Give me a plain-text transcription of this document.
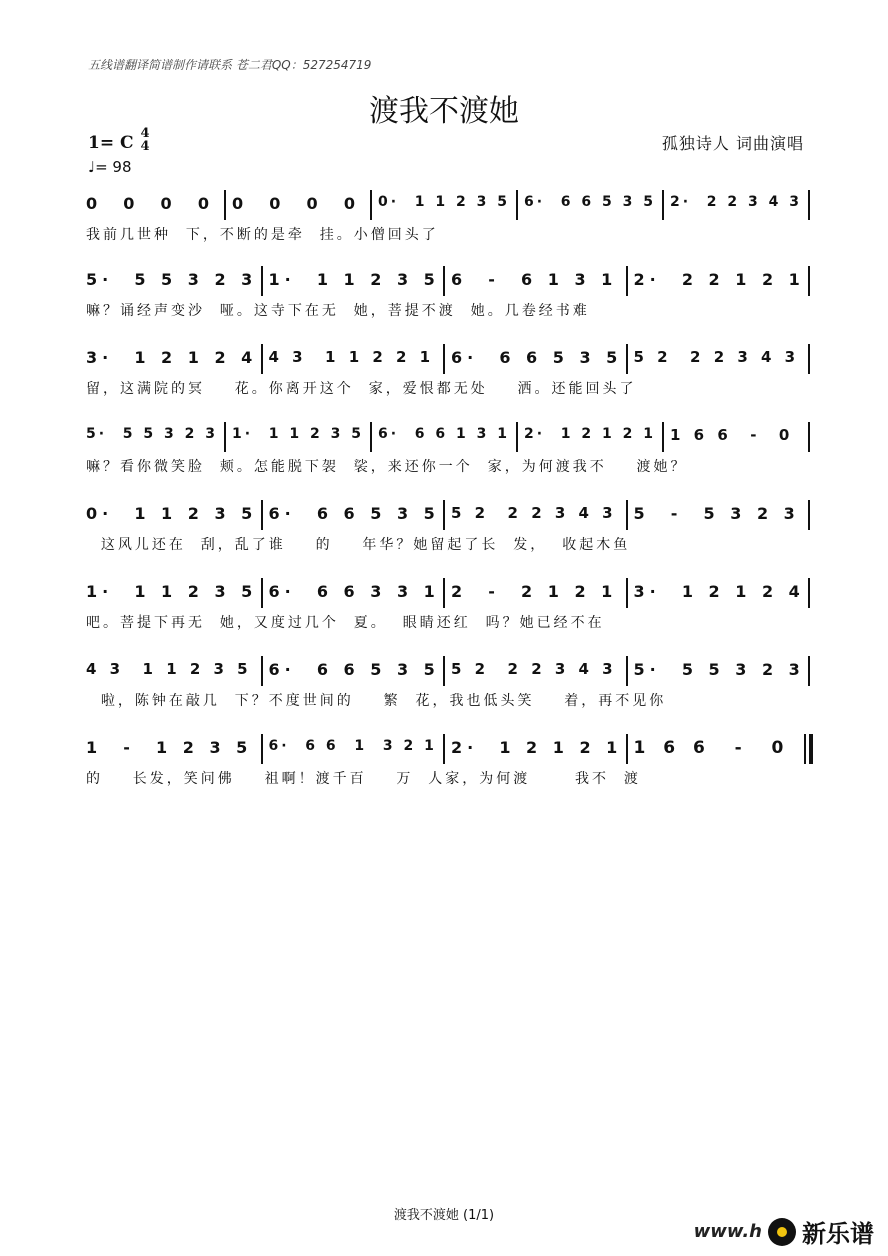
五线谱翻译简谱制作请联系 苍二君QQ：527254719
渡我不渡她
1= C 4
4
♩= 98
孤独诗人 词曲演唱
0  0  0  0 0  0  0  0 0·  1 1 2 3 5 6·  6 6 5 3 5 2·  2 2 3 4 3
我前几世种  下，不断的是牵  挂。小僧回头了
5·  5 5 3 2 3 1·  1 1 2 3 5 6  -  6 1 3 1 2·  2 2 1 2 1
嘛？诵经声变沙  哑。这寺下在无  她，菩提不渡  她。几卷经书难
3·  1 2 1 2 4 4 3  1 1 2 2 1 6·  6 6 5 3 5 5 2  2 2 3 4 3
留，这满院的冥    花。你离开这个  家，爱恨都无处    洒。还能回头了
5·  5 5 3 2 3 1·  1 1 2 3 5 6·  6 6 1 3 1 2·  1 2 1 2 1 1 6 6  -  0
嘛？看你微笑脸  颊。怎能脱下袈  裟，来还你一个  家，为何渡我不    渡她？
0·  1 1 2 3 5 6·  6 6 5 3 5 5 2  2 2 3 4 3 5  -  5 3 2 3
这风儿还在  刮，乱了谁    的    年华？她留起了长  发，  收起木鱼
1·  1 1 2 3 5 6·  6 6 3 3 1 2  -  2 1 2 1 3·  1 2 1 2 4
吧。菩提下再无  她，又度过几个  夏。  眼睛还红  吗？她已经不在
4 3  1 1 2 3 5 6·  6 6 5 3 5 5 2  2 2 3 4 3 5·  5 5 3 2 3
啦，陈钟在敲几  下？不度世间的    繁  花，我也低头笑    着，再不见你
1  -  1 2 3 5 6·  6 6  1  3 2 1 2·  1 2 1 2 1 1 6 6  -  0
的    长发，笑问佛    祖啊！渡千百    万  人家，为何渡      我不  渡
渡我不渡她 (1/1)
www.h 新乐谱
